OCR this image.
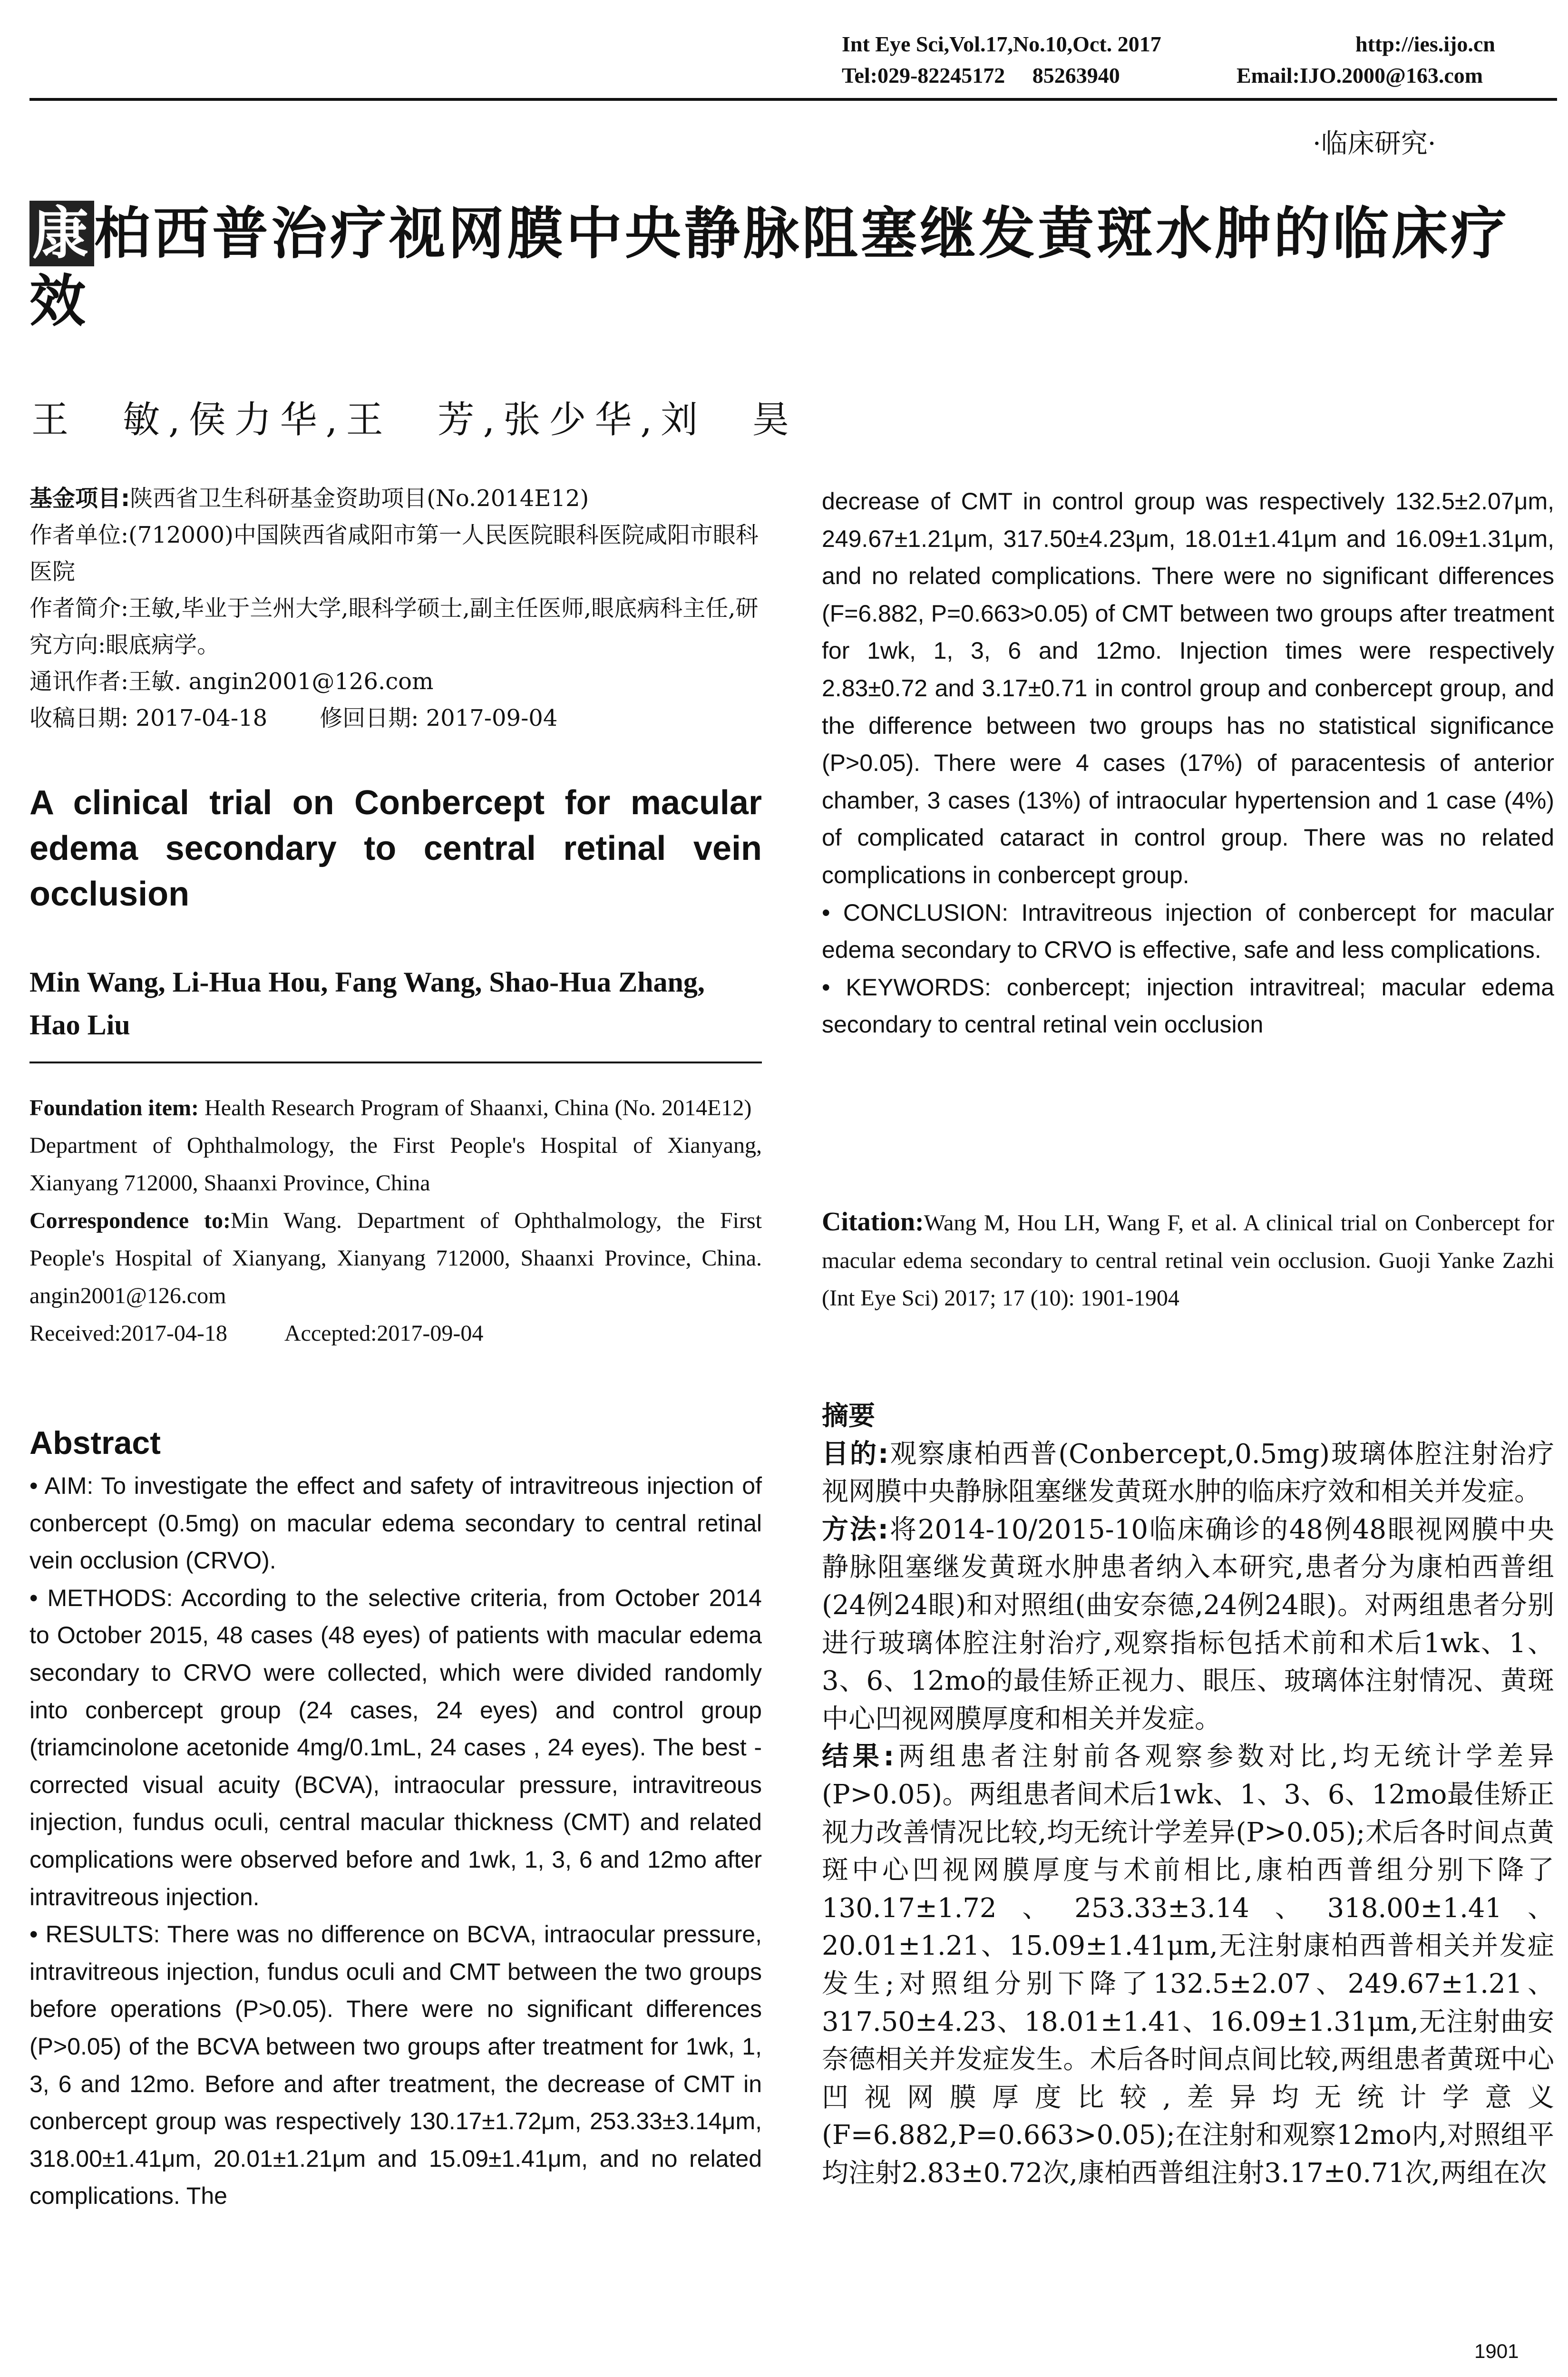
Int Eye Sci,Vol.17,No.10,Oct. 2017	http://ies.ijo.cn
Tel:029-82245172　 85263940	Email:IJO.2000@163.com
·临床研究·
康柏西普治疗视网膜中央静脉阻塞继发黄斑水肿的临床疗效
王　敏,侯力华,王　芳,张少华,刘　昊
基金项目:陕西省卫生科研基金资助项目(No.2014E12)
作者单位:(712000)中国陕西省咸阳市第一人民医院眼科医院咸阳市眼科医院
作者简介:王敏,毕业于兰州大学,眼科学硕士,副主任医师,眼底病科主任,研究方向:眼底病学。
通讯作者:王敏. angin2001@126.com
收稿日期: 2017-04-18 修回日期: 2017-09-04
A clinical trial on Conbercept for macular edema secondary to central retinal vein occlusion
Min Wang, Li-Hua Hou, Fang Wang, Shao-Hua Zhang, Hao Liu
Foundation item: Health Research Program of Shaanxi, China (No. 2014E12)
Department of Ophthalmology, the First People's Hospital of Xianyang, Xianyang 712000, Shaanxi Province, China
Correspondence to:Min Wang. Department of Ophthalmology, the First People's Hospital of Xianyang, Xianyang 712000, Shaanxi Province, China. angin2001@126.com
Received:2017-04-18	Accepted:2017-09-04
Abstract

• AIM: To investigate the effect and safety of intravitreous injection of conbercept (0.5mg) on macular edema secondary to central retinal vein occlusion (CRVO).

• METHODS: According to the selective criteria, from October 2014 to October 2015, 48 cases (48 eyes) of patients with macular edema secondary to CRVO were collected, which were divided randomly into conbercept group (24 cases, 24 eyes) and control group (triamcinolone acetonide 4mg/0.1mL, 24 cases , 24 eyes). The best - corrected visual acuity (BCVA), intraocular pressure, intravitreous injection, fundus oculi, central macular thickness (CMT) and related complications were observed before and 1wk, 1, 3, 6 and 12mo after intravitreous injection.

• RESULTS: There was no difference on BCVA, intraocular pressure, intravitreous injection, fundus oculi and CMT between the two groups before operations (P>0.05). There were no significant differences (P>0.05) of the BCVA between two groups after treatment for 1wk, 1, 3, 6 and 12mo. Before and after treatment, the decrease of CMT in conbercept group was respectively 130.17±1.72μm, 253.33±3.14μm, 318.00±1.41μm, 20.01±1.21μm and 15.09±1.41μm, and no related complications. The

decrease of CMT in control group was respectively 132.5±2.07μm, 249.67±1.21μm, 317.50±4.23μm, 18.01±1.41μm and 16.09±1.31μm, and no related complications. There were no significant differences (F=6.882, P=0.663>0.05) of CMT between two groups after treatment for 1wk, 1, 3, 6 and 12mo. Injection times were respectively 2.83±0.72 and 3.17±0.71 in control group and conbercept group, and the difference between two groups has no statistical significance (P>0.05). There were 4 cases (17%) of paracentesis of anterior chamber, 3 cases (13%) of intraocular hypertension and 1 case (4%) of complicated cataract in control group. There was no related complications in conbercept group.

• CONCLUSION: Intravitreous injection of conbercept for macular edema secondary to CRVO is effective, safe and less complications.

• KEYWORDS: conbercept; injection intravitreal; macular edema secondary to central retinal vein occlusion

Citation:Wang M, Hou LH, Wang F, et al. A clinical trial on Conbercept for macular edema secondary to central retinal vein occlusion. Guoji Yanke Zazhi (Int Eye Sci) 2017; 17 (10): 1901-1904

摘要

目的:观察康柏西普(Conbercept,0.5mg)玻璃体腔注射治疗视网膜中央静脉阻塞继发黄斑水肿的临床疗效和相关并发症。

方法:将2014-10/2015-10临床确诊的48例48眼视网膜中央静脉阻塞继发黄斑水肿患者纳入本研究,患者分为康柏西普组(24例24眼)和对照组(曲安奈德,24例24眼)。对两组患者分别进行玻璃体腔注射治疗,观察指标包括术前和术后1wk、1、3、6、12mo的最佳矫正视力、眼压、玻璃体注射情况、黄斑中心凹视网膜厚度和相关并发症。

结果:两组患者注射前各观察参数对比,均无统计学差异(P>0.05)。两组患者间术后1wk、1、3、6、12mo最佳矫正视力改善情况比较,均无统计学差异(P>0.05);术后各时间点黄斑中心凹视网膜厚度与术前相比,康柏西普组分别下降了130.17±1.72、253.33±3.14、318.00±1.41、20.01±1.21、15.09±1.41μm,无注射康柏西普相关并发症发生;对照组分别下降了132.5±2.07、249.67±1.21、317.50±4.23、18.01±1.41、16.09±1.31μm,无注射曲安奈德相关并发症发生。术后各时间点间比较,两组患者黄斑中心凹视网膜厚度比较,差异均无统计学意义(F=6.882,P=0.663>0.05);在注射和观察12mo内,对照组平均注射2.83±0.72次,康柏西普组注射3.17±0.71次,两组在次

1901
